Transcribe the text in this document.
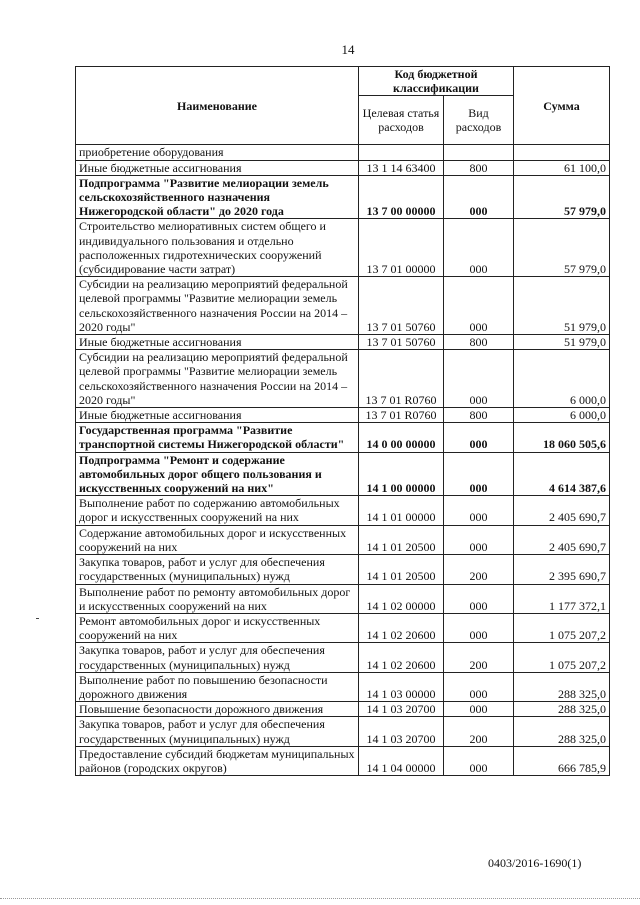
14
Наименование	Код бюджетной классификации		Сумма
	Целевая статья расходов	Вид расходов	
приобретение оборудования			
Иные бюджетные ассигнования	13 1 14 63400	800	61 100,0
Подпрограмма "Развитие мелиорации земель сельскохозяйственного назначения Нижегородской области" до 2020 года	13 7 00 00000	000	57 979,0
Строительство мелиоративных систем общего и индивидуального пользования и отдельно расположенных гидротехнических сооружений (субсидирование части затрат)	13 7 01 00000	000	57 979,0
Субсидии на реализацию мероприятий федеральной целевой программы "Развитие мелиорации земель сельскохозяйственного назначения России на 2014 – 2020 годы"	13 7 01 50760	000	51 979,0
Иные бюджетные ассигнования	13 7 01 50760	800	51 979,0
Субсидии на реализацию мероприятий федеральной целевой программы "Развитие мелиорации земель сельскохозяйственного назначения России на 2014 – 2020 годы"	13 7 01 R0760	000	6 000,0
Иные бюджетные ассигнования	13 7 01 R0760	800	6 000,0
Государственная программа "Развитие транспортной системы Нижегородской области"	14 0 00 00000	000	18 060 505,6
Подпрограмма "Ремонт и содержание автомобильных дорог общего пользования и искусственных сооружений на них"	14 1 00 00000	000	4 614 387,6
Выполнение работ по содержанию автомобильных дорог и искусственных сооружений на них	14 1 01 00000	000	2 405 690,7
Содержание автомобильных дорог и искусственных сооружений на них	14 1 01 20500	000	2 405 690,7
Закупка товаров, работ и услуг для обеспечения государственных (муниципальных) нужд	14 1 01 20500	200	2 395 690,7
Выполнение работ по ремонту автомобильных дорог и искусственных сооружений на них	14 1 02 00000	000	1 177 372,1
Ремонт автомобильных дорог и искусственных сооружений на них	14 1 02 20600	000	1 075 207,2
Закупка товаров, работ и услуг для обеспечения государственных (муниципальных) нужд	14 1 02 20600	200	1 075 207,2
Выполнение работ по повышению безопасности дорожного движения	14 1 03 00000	000	288 325,0
Повышение безопасности дорожного движения	14 1 03 20700	000	288 325,0
Закупка товаров, работ и услуг для обеспечения государственных (муниципальных) нужд	14 1 03 20700	200	288 325,0
Предоставление субсидий бюджетам муниципальных районов (городских округов)	14 1 04 00000	000	666 785,9
0403/2016-1690(1)
